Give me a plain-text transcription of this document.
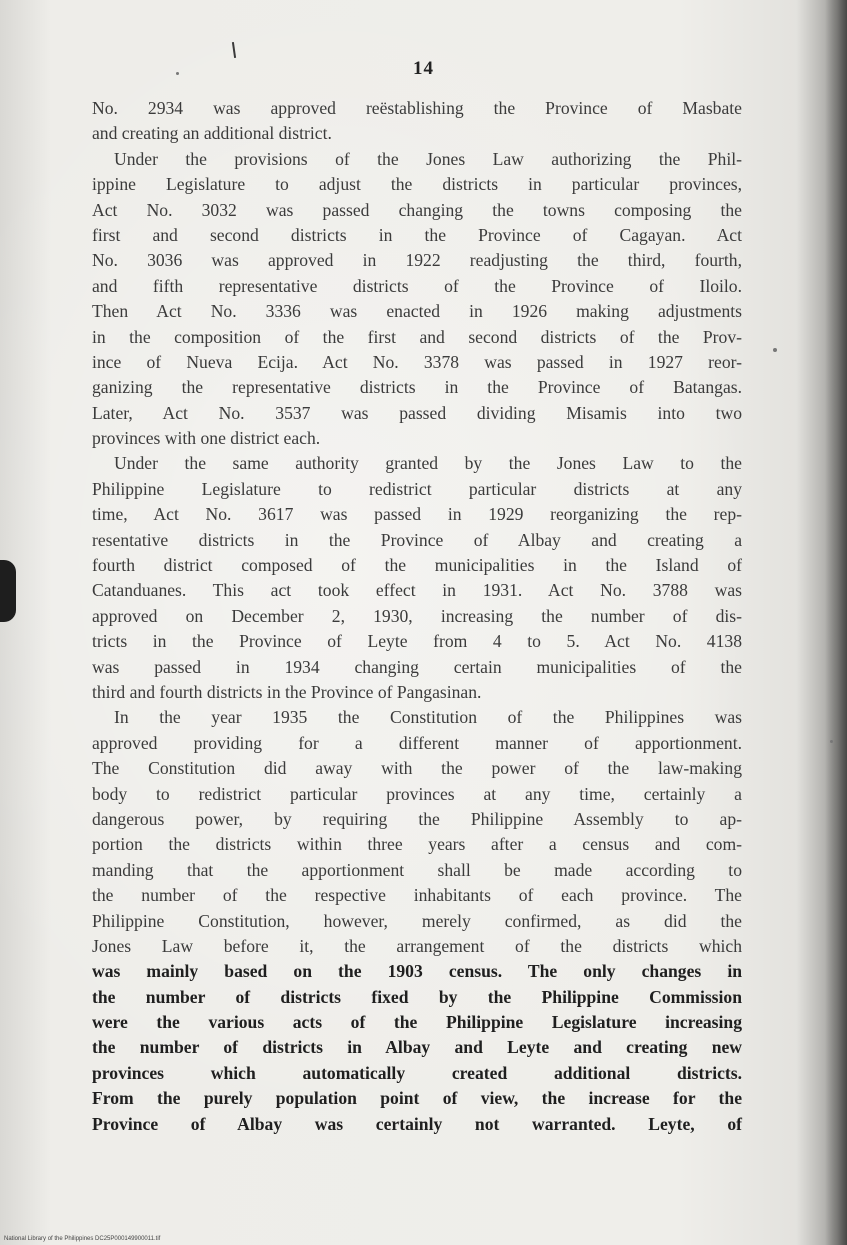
14
No. 2934 was approved reëstablishing the Province of Masbate
and creating an additional district.
Under the provisions of the Jones Law authorizing the Phil-
ippine Legislature to adjust the districts in particular provinces,
Act No. 3032 was passed changing the towns composing the
first and second districts in the Province of Cagayan. Act
No. 3036 was approved in 1922 readjusting the third, fourth,
and fifth representative districts of the Province of Iloilo.
Then Act No. 3336 was enacted in 1926 making adjustments
in the composition of the first and second districts of the Prov-
ince of Nueva Ecija. Act No. 3378 was passed in 1927 reor-
ganizing the representative districts in the Province of Batangas.
Later, Act No. 3537 was passed dividing Misamis into two
provinces with one district each.
Under the same authority granted by the Jones Law to the
Philippine Legislature to redistrict particular districts at any
time, Act No. 3617 was passed in 1929 reorganizing the rep-
resentative districts in the Province of Albay and creating a
fourth district composed of the municipalities in the Island of
Catanduanes. This act took effect in 1931. Act No. 3788 was
approved on December 2, 1930, increasing the number of dis-
tricts in the Province of Leyte from 4 to 5. Act No. 4138
was passed in 1934 changing certain municipalities of the
third and fourth districts in the Province of Pangasinan.
In the year 1935 the Constitution of the Philippines was
approved providing for a different manner of apportionment.
The Constitution did away with the power of the law-making
body to redistrict particular provinces at any time, certainly a
dangerous power, by requiring the Philippine Assembly to ap-
portion the districts within three years after a census and com-
manding that the apportionment shall be made according to
the number of the respective inhabitants of each province. The
Philippine Constitution, however, merely confirmed, as did the
Jones Law before it, the arrangement of the districts which
was mainly based on the 1903 census. The only changes in
the number of districts fixed by the Philippine Commission
were the various acts of the Philippine Legislature increasing
the number of districts in Albay and Leyte and creating new
provinces which automatically created additional districts.
From the purely population point of view, the increase for the
Province of Albay was certainly not warranted. Leyte, of
National Library of the Philippines DC25P000149900011.tif
